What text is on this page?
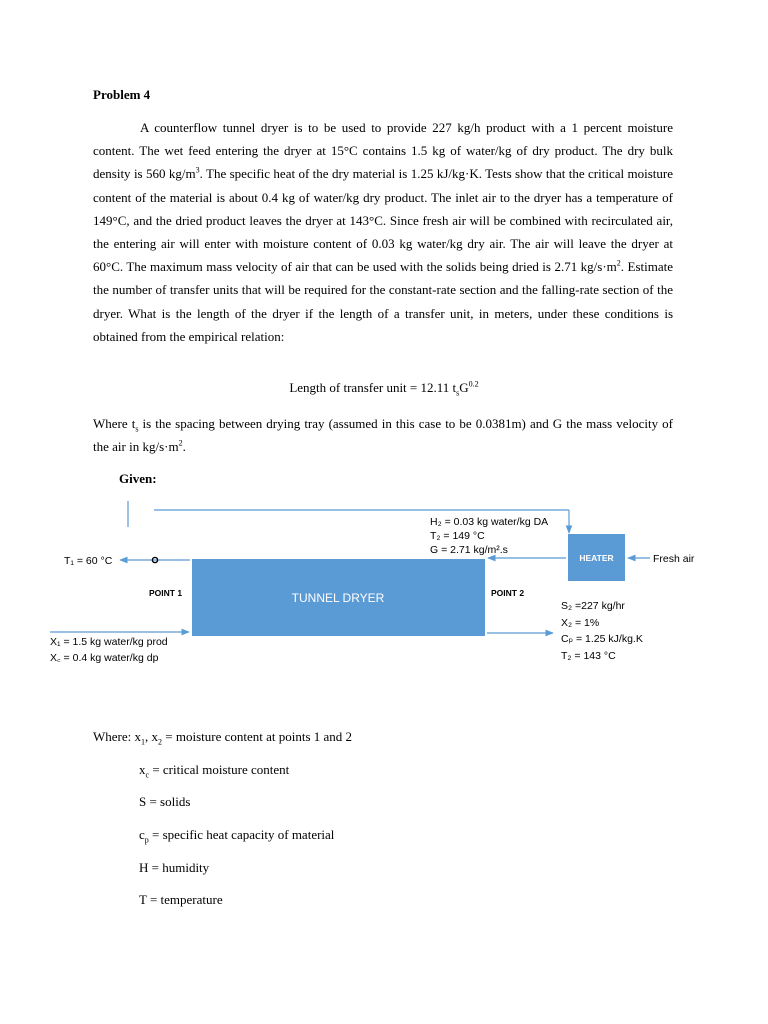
Problem 4
A counterflow tunnel dryer is to be used to provide 227 kg/h product with a 1 percent moisture content. The wet feed entering the dryer at 15°C contains 1.5 kg of water/kg of dry product. The dry bulk density is 560 $kg/m^3$. The specific heat of the dry material is 1.25 kJ/kg·K. Tests show that the critical moisture content of the material is about 0.4 kg of water/kg dry product. The inlet air to the dryer has a temperature of 149°C, and the dried product leaves the dryer at 143°C. Since fresh air will be combined with recirculated air, the entering air will enter with moisture content of 0.03 kg water/kg dry air. The air will leave the dryer at 60°C. The maximum mass velocity of air that can be used with the solids being dried is 2.71 $kg/s\cdot m^2$. Estimate the number of transfer units that will be required for the constant-rate section and the falling-rate section of the dryer. What is the length of the dryer if the length of a transfer unit, in meters, under these conditions is obtained from the empirical relation:
Length of transfer unit = 12.11 $t_sG^{0.2}$
Where $t_s$ is the spacing between drying tray (assumed in this case to be 0.0381m) and G the mass velocity of the air in $kg/s\cdot m^2$.
Given:
HEATER	Fresh air
H₂ = 0.03 kg water/kg DA
T₂ = 149 °C
G = 2.71 kg/m².s
TUNNEL DRYER
T₁ = 60 °C
POINT 1	POINT 2
S₂ =227 kg/hr
X₂ = 1%
Cₚ = 1.25 kJ/kg.K
T₂ = 143 °C
X₁ = 1.5 kg water/kg prod
X꜀ = 0.4 kg water/kg dp
Where: $x_1$, $x_2$ = moisture content at points 1 and 2
$x_c$ = critical moisture content
S = solids
$c_p$ = specific heat capacity of material
H = humidity
T = temperature
